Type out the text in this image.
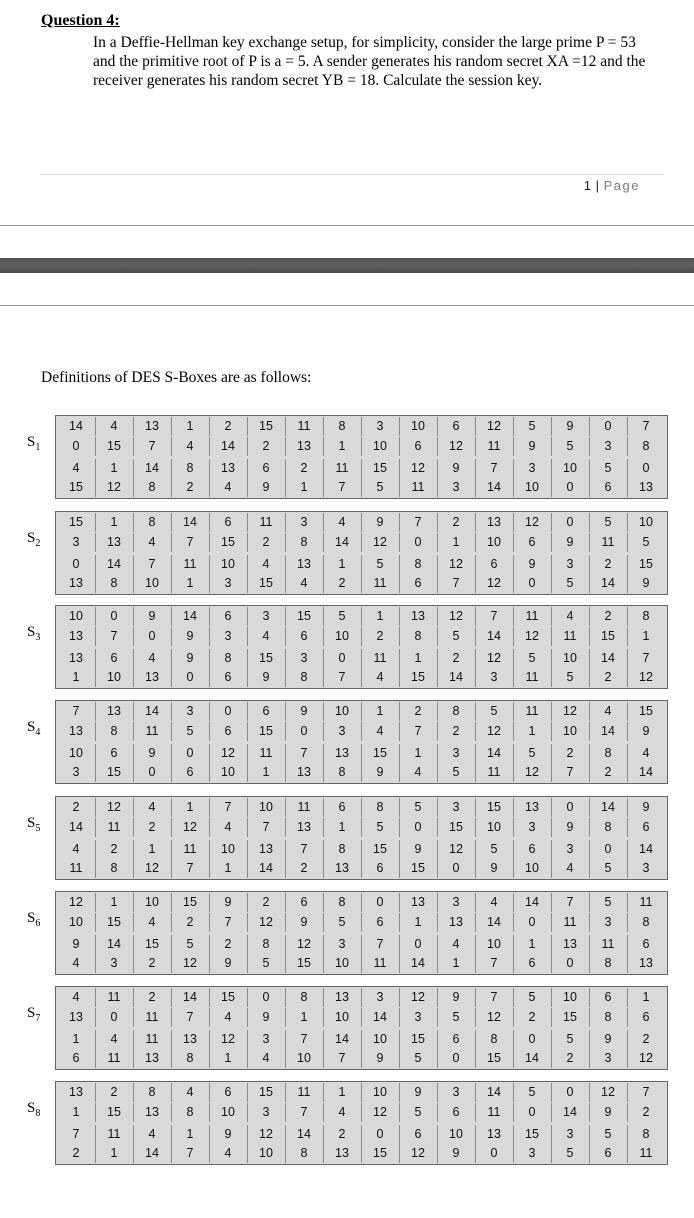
Question 4:
In a Deffie-Hellman key exchange setup, for simplicity, consider the large prime P = 53 and the primitive root of P is a = 5. A sender generates his random secret XA =12 and the receiver generates his random secret YB = 18. Calculate the session key.
1 | Page
Definitions of DES S-Boxes are as follows:
$S_1$
14	4	13	1	2	15	11	8	3	10	6	12	5	9	0	7
0	15	7	4	14	2	13	1	10	6	12	11	9	5	3	8
4	1	14	8	13	6	2	11	15	12	9	7	3	10	5	0
15	12	8	2	4	9	1	7	5	11	3	14	10	0	6	13
$S_2$
15	1	8	14	6	11	3	4	9	7	2	13	12	0	5	10
3	13	4	7	15	2	8	14	12	0	1	10	6	9	11	5
0	14	7	11	10	4	13	1	5	8	12	6	9	3	2	15
13	8	10	1	3	15	4	2	11	6	7	12	0	5	14	9
$S_3$
10	0	9	14	6	3	15	5	1	13	12	7	11	4	2	8
13	7	0	9	3	4	6	10	2	8	5	14	12	11	15	1
13	6	4	9	8	15	3	0	11	1	2	12	5	10	14	7
1	10	13	0	6	9	8	7	4	15	14	3	11	5	2	12
$S_4$
7	13	14	3	0	6	9	10	1	2	8	5	11	12	4	15
13	8	11	5	6	15	0	3	4	7	2	12	1	10	14	9
10	6	9	0	12	11	7	13	15	1	3	14	5	2	8	4
3	15	0	6	10	1	13	8	9	4	5	11	12	7	2	14
$S_5$
2	12	4	1	7	10	11	6	8	5	3	15	13	0	14	9
14	11	2	12	4	7	13	1	5	0	15	10	3	9	8	6
4	2	1	11	10	13	7	8	15	9	12	5	6	3	0	14
11	8	12	7	1	14	2	13	6	15	0	9	10	4	5	3
$S_6$
12	1	10	15	9	2	6	8	0	13	3	4	14	7	5	11
10	15	4	2	7	12	9	5	6	1	13	14	0	11	3	8
9	14	15	5	2	8	12	3	7	0	4	10	1	13	11	6
4	3	2	12	9	5	15	10	11	14	1	7	6	0	8	13
$S_7$
4	11	2	14	15	0	8	13	3	12	9	7	5	10	6	1
13	0	11	7	4	9	1	10	14	3	5	12	2	15	8	6
1	4	11	13	12	3	7	14	10	15	6	8	0	5	9	2
6	11	13	8	1	4	10	7	9	5	0	15	14	2	3	12
$S_8$
13	2	8	4	6	15	11	1	10	9	3	14	5	0	12	7
1	15	13	8	10	3	7	4	12	5	6	11	0	14	9	2
7	11	4	1	9	12	14	2	0	6	10	13	15	3	5	8
2	1	14	7	4	10	8	13	15	12	9	0	3	5	6	11
